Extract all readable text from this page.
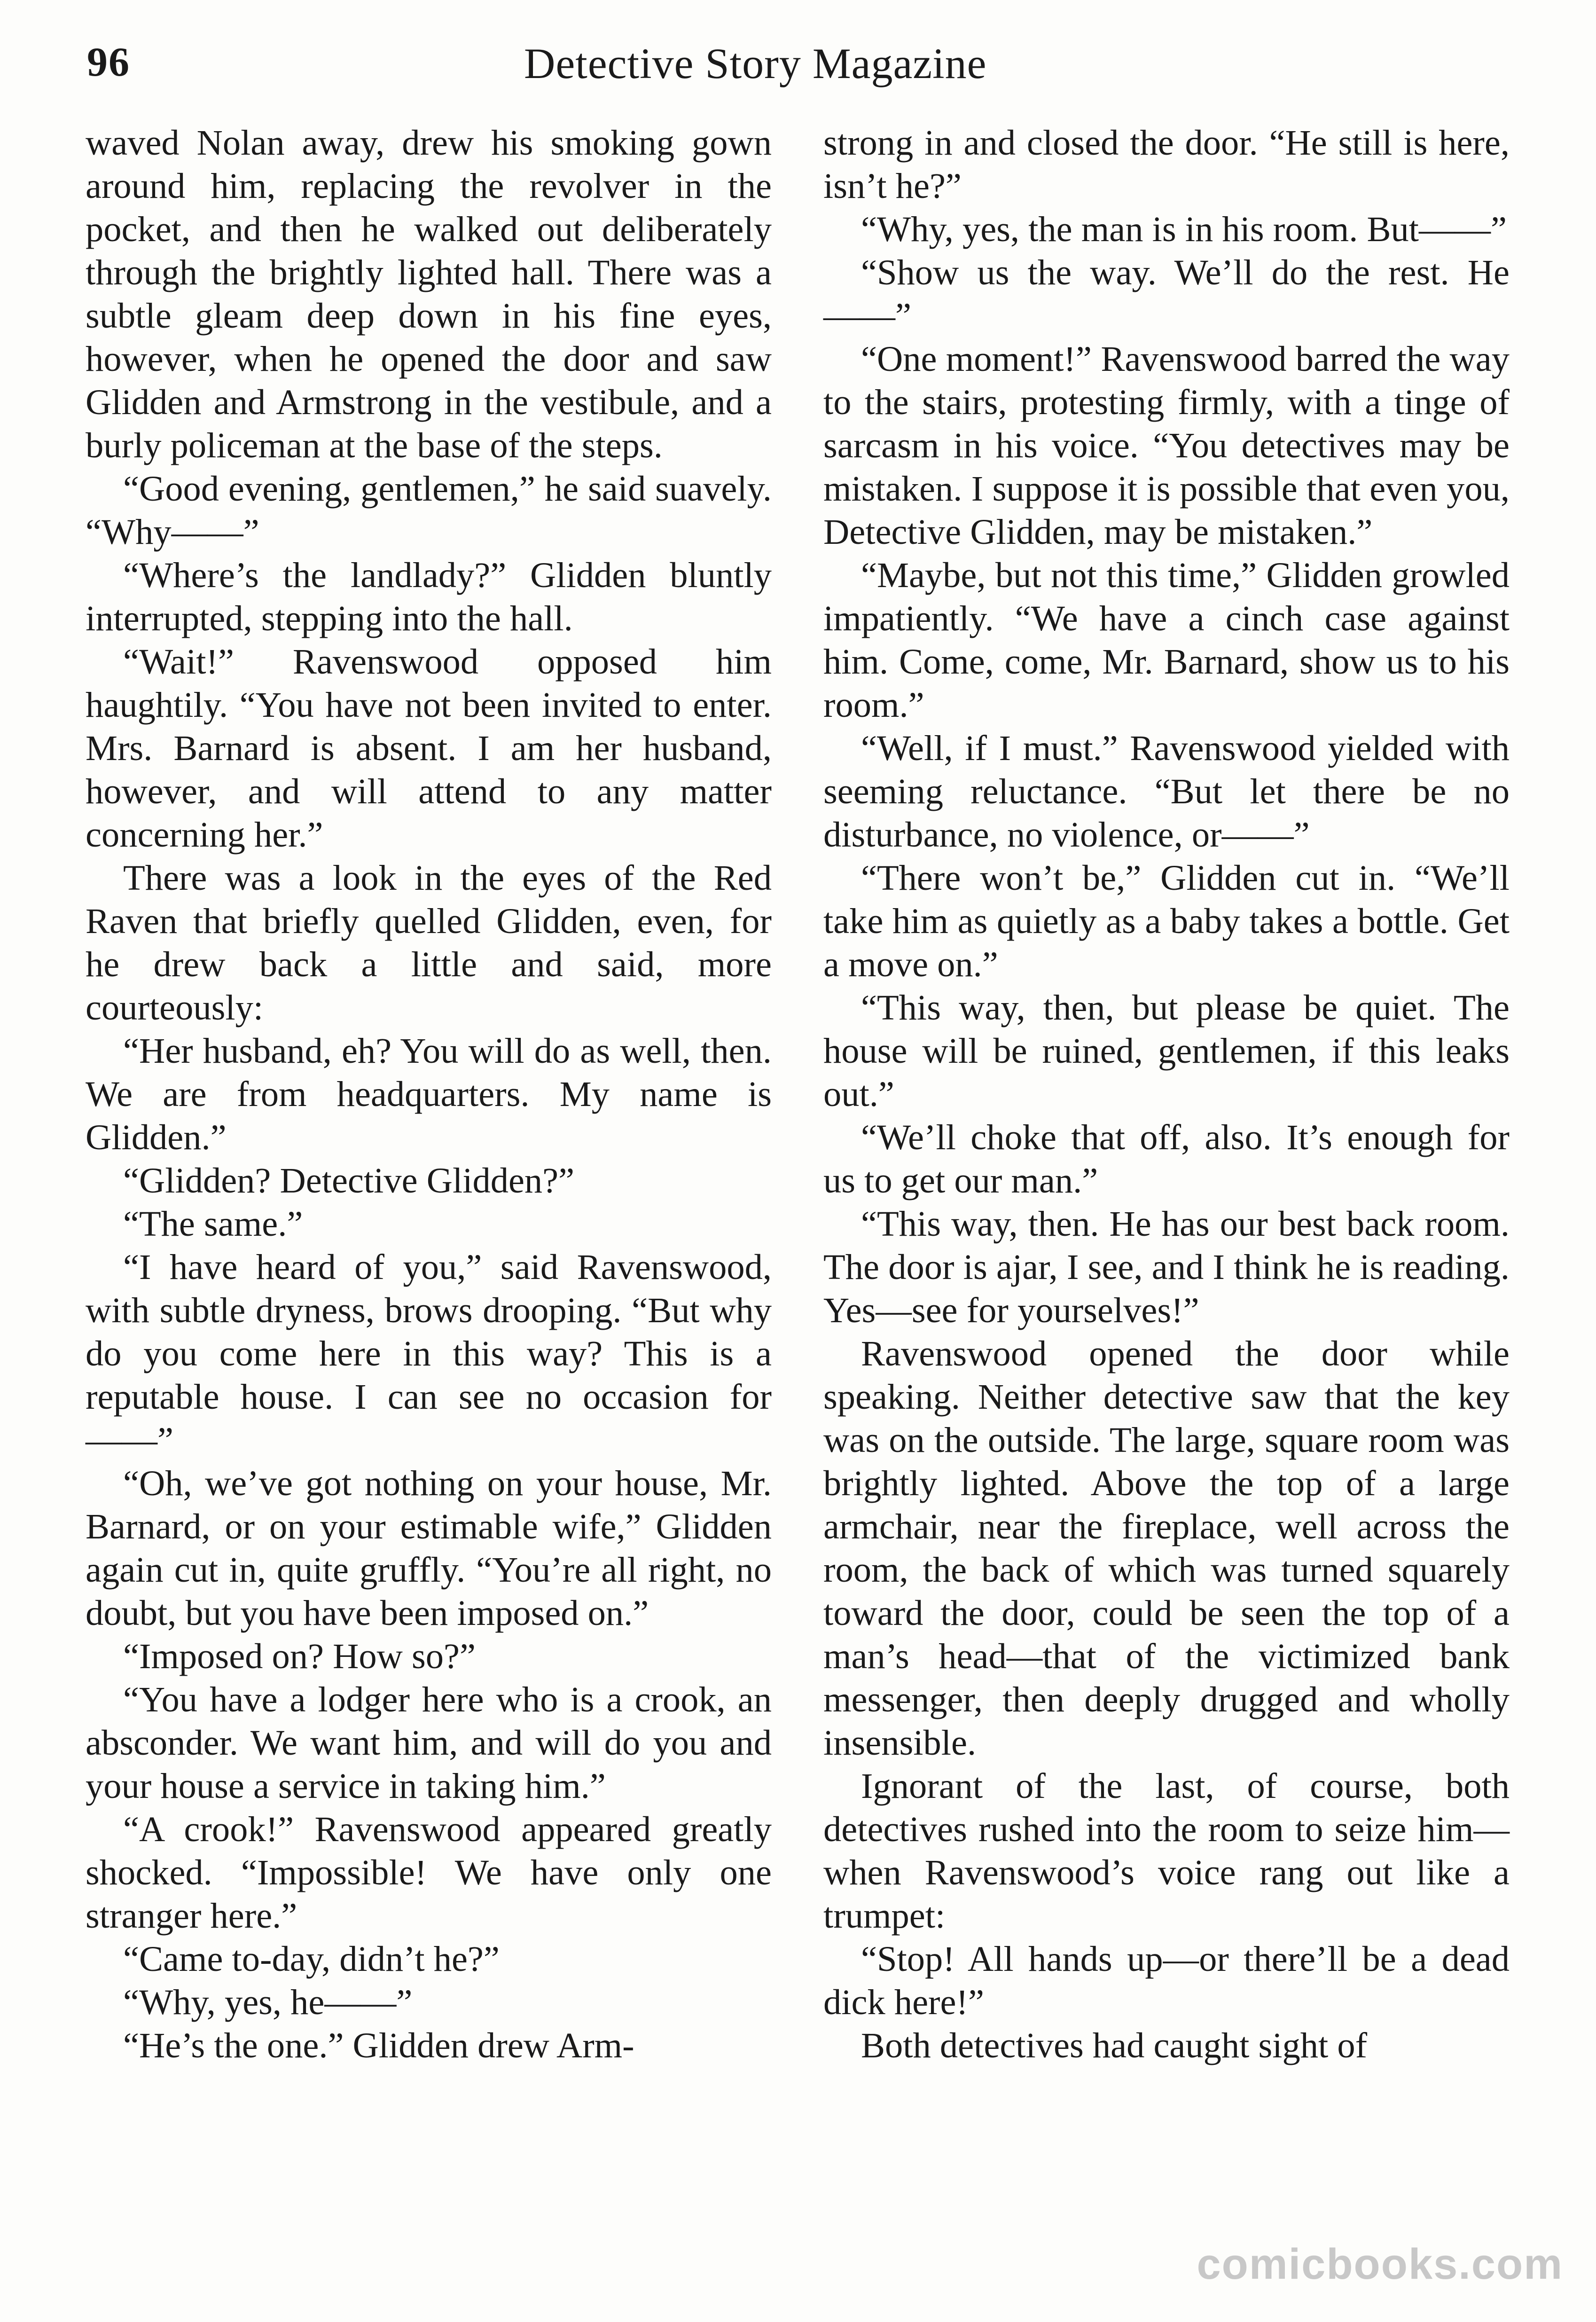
96	Detective Story Magazine

waved Nolan away, drew his smoking gown around him, replacing the revolver in the pocket, and then he walked out deliberately through the brightly lighted hall. There was a subtle gleam deep down in his fine eyes, however, when he opened the door and saw Glidden and Armstrong in the vestibule, and a burly policeman at the base of the steps.

“Good evening, gentlemen,” he said suavely. “Why——”

“Where’s the landlady?” Glidden bluntly interrupted, stepping into the hall.

“Wait!” Ravenswood opposed him haughtily. “You have not been invited to enter. Mrs. Barnard is absent. I am her husband, however, and will attend to any matter concerning her.”

There was a look in the eyes of the Red Raven that briefly quelled Glidden, even, for he drew back a little and said, more courteously:

“Her husband, eh? You will do as well, then. We are from headquarters. My name is Glidden.”

“Glidden? Detective Glidden?”

“The same.”

“I have heard of you,” said Ravenswood, with subtle dryness, brows drooping. “But why do you come here in this way? This is a reputable house. I can see no occasion for——”

“Oh, we’ve got nothing on your house, Mr. Barnard, or on your estimable wife,” Glidden again cut in, quite gruffly. “You’re all right, no doubt, but you have been imposed on.”

“Imposed on? How so?”

“You have a lodger here who is a crook, an absconder. We want him, and will do you and your house a service in taking him.”

“A crook!” Ravenswood appeared greatly shocked. “Impossible! We have only one stranger here.”

“Came to-day, didn’t he?”

“Why, yes, he——”

“He’s the one.” Glidden drew Arm-

strong in and closed the door. “He still is here, isn’t he?”

“Why, yes, the man is in his room. But——”

“Show us the way. We’ll do the rest. He——”

“One moment!” Ravenswood barred the way to the stairs, protesting firmly, with a tinge of sarcasm in his voice. “You detectives may be mistaken. I suppose it is possible that even you, Detective Glidden, may be mistaken.”

“Maybe, but not this time,” Glidden growled impatiently. “We have a cinch case against him. Come, come, Mr. Barnard, show us to his room.”

“Well, if I must.” Ravenswood yielded with seeming reluctance. “But let there be no disturbance, no violence, or——”

“There won’t be,” Glidden cut in. “We’ll take him as quietly as a baby takes a bottle. Get a move on.”

“This way, then, but please be quiet. The house will be ruined, gentlemen, if this leaks out.”

“We’ll choke that off, also. It’s enough for us to get our man.”

“This way, then. He has our best back room. The door is ajar, I see, and I think he is reading. Yes—see for yourselves!”

Ravenswood opened the door while speaking. Neither detective saw that the key was on the outside. The large, square room was brightly lighted. Above the top of a large armchair, near the fireplace, well across the room, the back of which was turned squarely toward the door, could be seen the top of a man’s head—that of the victimized bank messenger, then deeply drugged and wholly insensible.

Ignorant of the last, of course, both detectives rushed into the room to seize him—when Ravenswood’s voice rang out like a trumpet:

“Stop! All hands up—or there’ll be a dead dick here!”

Both detectives had caught sight of

comicbooks.com
